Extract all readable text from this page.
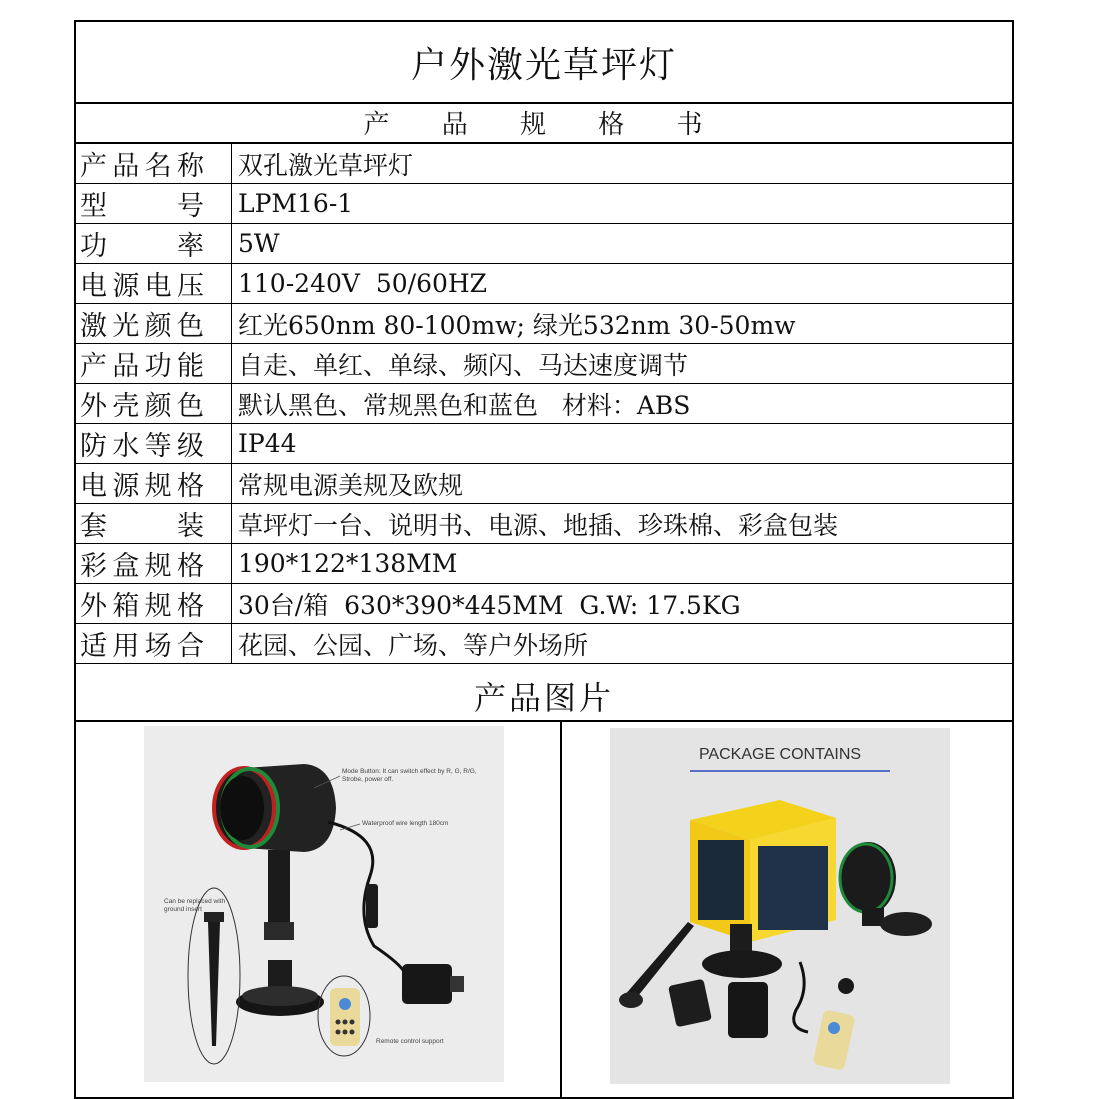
户外激光草坪灯
产 品 规 格 书
产品名称 双孔激光草坪灯
型号 LPM16-1
功率 5W
电源电压 110-240V  50/60HZ
激光颜色 红光650nm 80-100mw; 绿光532nm 30-50mw
产品功能 自走、单红、单绿、频闪、马达速度调节
外壳颜色 默认黑色、常规黑色和蓝色   材料：ABS
防水等级 IP44
电源规格 常规电源美规及欧规
套装 草坪灯一台、说明书、电源、地插、珍珠棉、彩盒包装
彩盒规格 190*122*138MM
外箱规格 30台/箱  630*390*445MM  G.W: 17.5KG
适用场合 花园、公园、广场、等户外场所
产品图片
Mode Button: It can switch effect by R, G, R/G, Strobe, power off.
Waterproof wire length 180cm
Can be replaced with ground insert
Remote control support
PACKAGE CONTAINS
